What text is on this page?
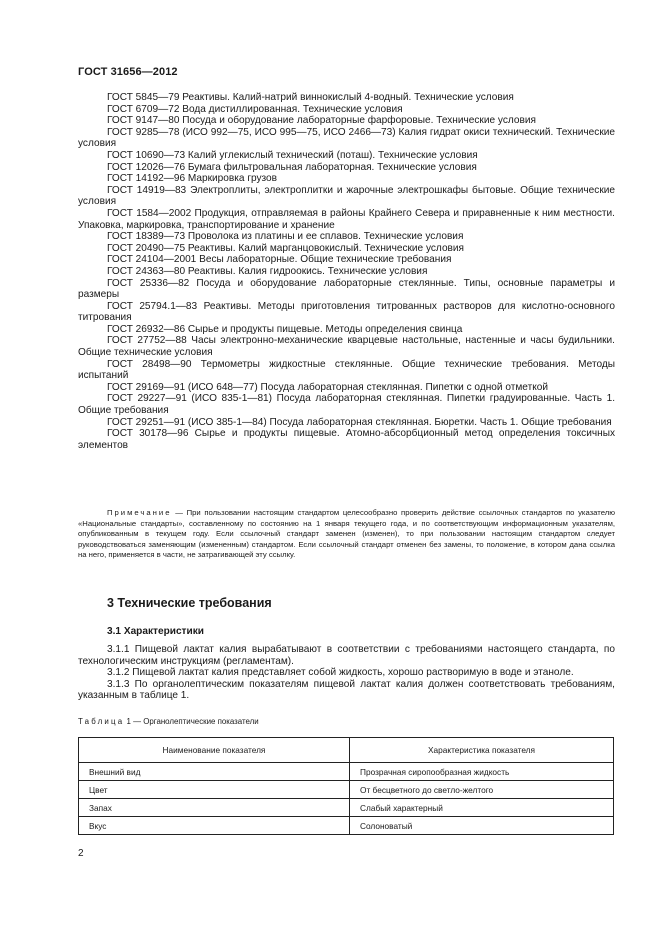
ГОСТ 31656—2012

ГОСТ 5845—79 Реактивы. Калий-натрий виннокислый 4-водный. Технические условия

ГОСТ 6709—72 Вода дистиллированная. Технические условия

ГОСТ 9147—80 Посуда и оборудование лабораторные фарфоровые. Технические условия

ГОСТ 9285—78 (ИСО 992—75, ИСО 995—75, ИСО 2466—73) Калия гидрат окиси технический. Технические условия

ГОСТ 10690—73 Калий углекислый технический (поташ). Технические условия

ГОСТ 12026—76 Бумага фильтровальная лабораторная. Технические условия

ГОСТ 14192—96 Маркировка грузов

ГОСТ 14919—83 Электроплиты, электроплитки и жарочные электрошкафы бытовые. Общие технические условия

ГОСТ 1584—2002 Продукция, отправляемая в районы Крайнего Севера и приравненные к ним местности. Упаковка, маркировка, транспортирование и хранение

ГОСТ 18389—73 Проволока из платины и ее сплавов. Технические условия

ГОСТ 20490—75 Реактивы. Калий марганцовокислый. Технические условия

ГОСТ 24104—2001 Весы лабораторные. Общие технические требования

ГОСТ 24363—80 Реактивы. Калия гидроокись. Технические условия

ГОСТ 25336—82 Посуда и оборудование лабораторные стеклянные. Типы, основные параметры и размеры

ГОСТ 25794.1—83 Реактивы. Методы приготовления титрованных растворов для кислотно-основного титрования

ГОСТ 26932—86 Сырье и продукты пищевые. Методы определения свинца

ГОСТ 27752—88 Часы электронно-механические кварцевые настольные, настенные и часы будильники. Общие технические условия

ГОСТ 28498—90 Термометры жидкостные стеклянные. Общие технические требования. Методы испытаний

ГОСТ 29169—91 (ИСО 648—77) Посуда лабораторная стеклянная. Пипетки с одной отметкой

ГОСТ 29227—91 (ИСО 835-1—81) Посуда лабораторная стеклянная. Пипетки градуированные. Часть 1. Общие требования

ГОСТ 29251—91 (ИСО 385-1—84) Посуда лабораторная стеклянная. Бюретки. Часть 1. Общие требования

ГОСТ 30178—96 Сырье и продукты пищевые. Атомно-абсорбционный метод определения токсичных элементов

Примечание — При пользовании настоящим стандартом целесообразно проверить действие ссылочных стандартов по указателю «Национальные стандарты», составленному по состоянию на 1 января текущего года, и по соответствующим информационным указателям, опубликованным в текущем году. Если ссылочный стандарт заменен (изменен), то при пользовании настоящим стандартом следует руководствоваться заменяющим (измененным) стандартом. Если ссылочный стандарт отменен без замены, то положение, в котором дана ссылка на него, применяется в части, не затрагивающей эту ссылку.

3 Технические требования
3.1 Характеристики

3.1.1 Пищевой лактат калия вырабатывают в соответствии с требованиями настоящего стандарта, по технологическим инструкциям (регламентам).

3.1.2 Пищевой лактат калия представляет собой жидкость, хорошо растворимую в воде и этаноле.

3.1.3 По органолептическим показателям пищевой лактат калия должен соответствовать требованиям, указанным в таблице 1.

Таблица 1 — Органолептические показатели
Наименование показателя	Характеристика показателя
Внешний вид	Прозрачная сиропообразная жидкость
Цвет	От бесцветного до светло-желтого
Запах	Слабый характерный
Вкус	Солоноватый
2
